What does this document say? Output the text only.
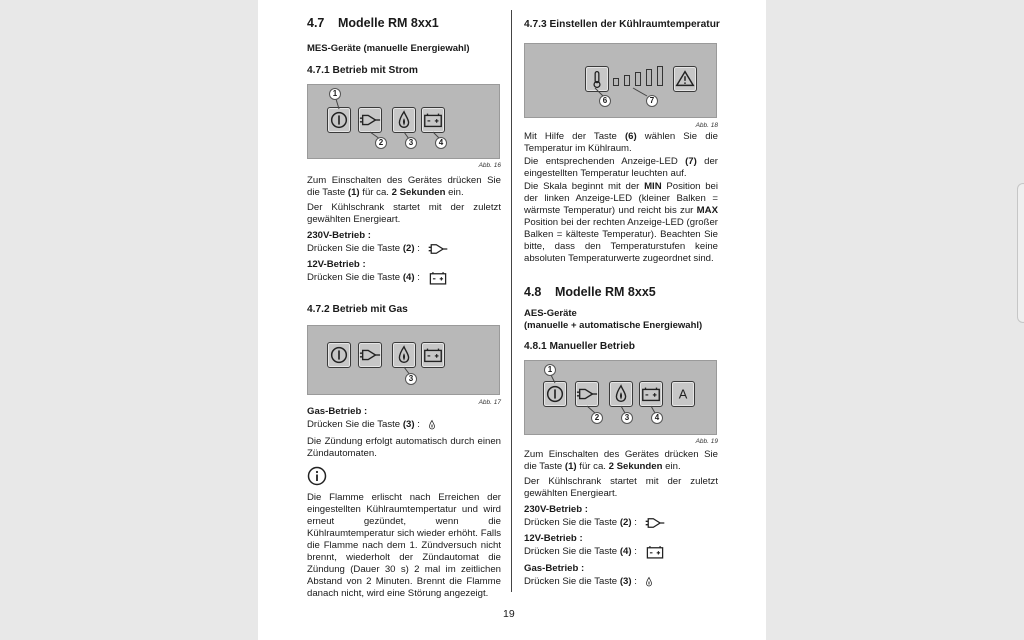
4.7 Modelle RM 8xx1
MES-Geräte (manuelle Energiewahl)
4.7.1 Betrieb mit Strom
1
2	3	4
Abb. 16
Zum Einschalten des Gerätes drücken Sie die Taste (1) für ca. 2 Sekunden ein.
Der Kühlschrank startet mit der zuletzt gewählten Energieart.
230V-Betrieb :
Drücken Sie die Taste (2) :
12V-Betrieb :
Drücken Sie die Taste (4) :
4.7.2 Betrieb mit Gas
3
Abb. 17
Gas-Betrieb :
Drücken Sie die Taste (3) :
Die Zündung erfolgt automatisch durch einen Zündautomaten.
Die Flamme erlischt nach Erreichen der eingestellten Kühlraumtempertatur und wird erneut gezündet, wenn die Kühlraumtemperatur sich wieder erhöht. Falls die Flamme nach dem 1. Zündversuch nicht brennt, wiederholt der Zündautomat die Zündung (Dauer 30 s) 2 mal im zeitlichen Abstand von 2 Minuten. Brennt die Flamme danach nicht, wird eine Störung angezeigt.
4.7.3 Einstellen der Kühlraumtemperatur
6	7
Abb. 18
Mit Hilfe der Taste (6) wählen Sie die Temperatur im Kühlraum.
Die entsprechenden Anzeige-LED (7) der eingestellten Temperatur leuchten auf.
Die Skala beginnt mit der MIN Position bei der linken Anzeige-LED (kleiner Balken = wärmste Temperatur) und reicht bis zur MAX Position bei der rechten Anzeige-LED (großer Balken = kälteste Temperatur). Beachten Sie bitte, dass den Temperaturstufen keine absoluten Temperaturwerte zugeordnet sind.
4.8 Modelle RM 8xx5
AES-Geräte
(manuelle + automatische Energiewahl)
4.8.1 Manueller Betrieb
1
2	3	4
Abb. 19
Zum Einschalten des Gerätes drücken Sie die Taste (1) für ca. 2 Sekunden ein.
Der Kühlschrank startet mit der zuletzt gewählten Energieart.
230V-Betrieb :
Drücken Sie die Taste (2) :
12V-Betrieb :
Drücken Sie die Taste (4) :
Gas-Betrieb :
Drücken Sie die Taste (3) :
19
